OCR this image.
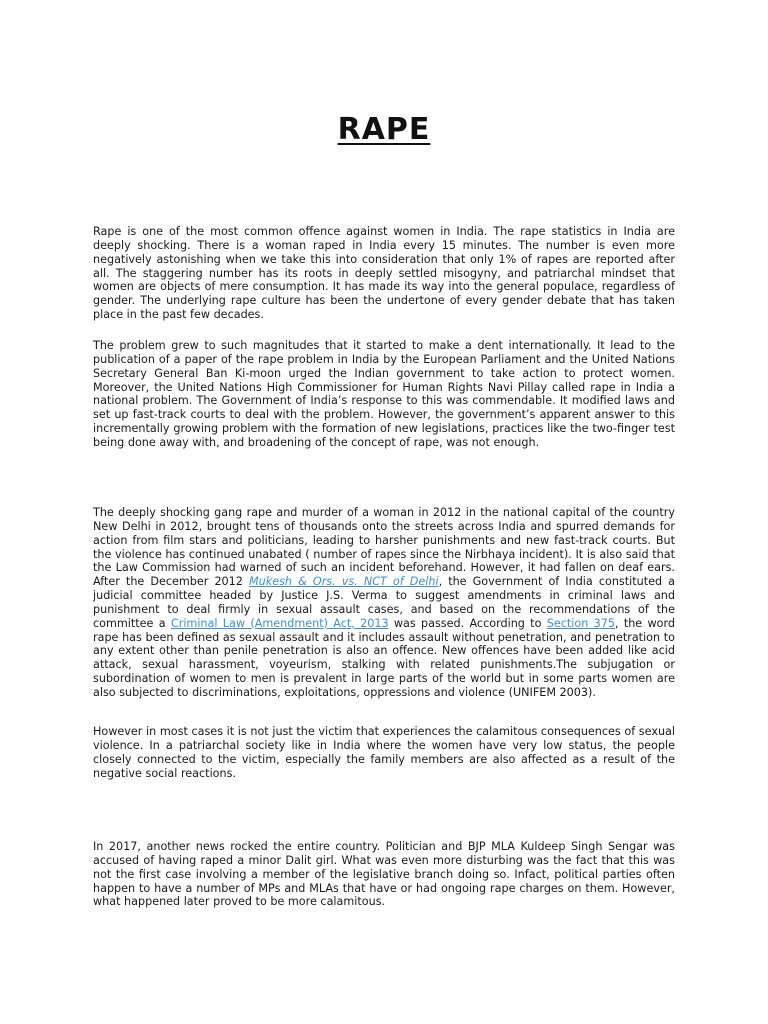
RAPE

Rape is one of the most common offence against women in India. The rape statistics in India are deeply shocking. There is a woman raped in India every 15 minutes. The number is even more negatively astonishing when we take this into consideration that only 1% of rapes are reported after all. The staggering number has its roots in deeply settled misogyny, and patriarchal mindset that women are objects of mere consumption. It has made its way into the general populace, regardless of gender. The underlying rape culture has been the undertone of every gender debate that has taken place in the past few decades.

The problem grew to such magnitudes that it started to make a dent internationally. It lead to the publication of a paper of the rape problem in India by the European Parliament and the United Nations Secretary General Ban Ki-moon urged the Indian government to take action to protect women. Moreover, the United Nations High Commissioner for Human Rights Navi Pillay called rape in India a national problem. The Government of India’s response to this was commendable. It modified laws and set up fast-track courts to deal with the problem. However, the government’s apparent answer to this incrementally growing problem with the formation of new legislations, practices like the two-finger test being done away with, and broadening of the concept of rape, was not enough.

The deeply shocking gang rape and murder of a woman in 2012 in the national capital of the country New Delhi in 2012, brought tens of thousands onto the streets across India and spurred demands for action from film stars and politicians, leading to harsher punishments and new fast-track courts. But the violence has continued unabated ( number of rapes since the Nirbhaya incident). It is also said that the Law Commission had warned of such an incident beforehand. However, it had fallen on deaf ears. After the December 2012 Mukesh & Ors. vs. NCT of Delhi, the Government of India constituted a judicial committee headed by Justice J.S. Verma to suggest amendments in criminal laws and punishment to deal firmly in sexual assault cases, and based on the recommendations of the committee a Criminal Law (Amendment) Act, 2013 was passed. According to Section 375, the word rape has been defined as sexual assault and it includes assault without penetration, and penetration to any extent other than penile penetration is also an offence. New offences have been added like acid attack, sexual harassment, voyeurism, stalking with related punishments.The subjugation or subordination of women to men is prevalent in large parts of the world but in some parts women are also subjected to discriminations, exploitations, oppressions and violence (UNIFEM 2003).

However in most cases it is not just the victim that experiences the calamitous consequences of sexual violence. In a patriarchal society like in India where the women have very low status, the people closely connected to the victim, especially the family members are also affected as a result of the negative social reactions.

In 2017, another news rocked the entire country. Politician and BJP MLA Kuldeep Singh Sengar was accused of having raped a minor Dalit girl. What was even more disturbing was the fact that this was not the first case involving a member of the legislative branch doing so. Infact, political parties often happen to have a number of MPs and MLAs that have or had ongoing rape charges on them. However, what happened later proved to be more calamitous.
